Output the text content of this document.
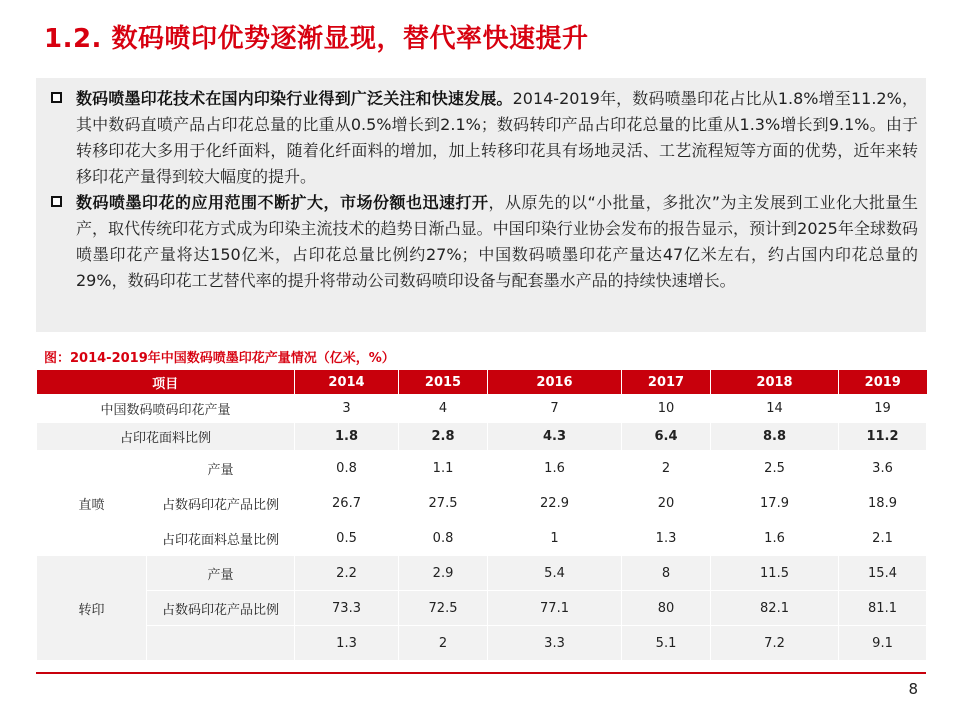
1.2. 数码喷印优势逐渐显现，替代率快速提升
数码喷墨印花技术在国内印染行业得到广泛关注和快速发展。2014-2019年，数码喷墨印花占比从1.8%增至11.2%，其中数码直喷产品占印花总量的比重从0.5%增长到2.1%；数码转印产品占印花总量的比重从1.3%增长到9.1%。由于转移印花大多用于化纤面料，随着化纤面料的增加，加上转移印花具有场地灵活、工艺流程短等方面的优势，近年来转移印花产量得到较大幅度的提升。
数码喷墨印花的应用范围不断扩大，市场份额也迅速打开，从原先的以“小批量，多批次”为主发展到工业化大批量生产，取代传统印花方式成为印染主流技术的趋势日渐凸显。中国印染行业协会发布的报告显示，预计到2025年全球数码喷墨印花产量将达150亿米，占印花总量比例约27%；中国数码喷墨印花产量达47亿米左右，约占国内印花总量的29%，数码印花工艺替代率的提升将带动公司数码喷印设备与配套墨水产品的持续快速增长。
图：2014-2019年中国数码喷墨印花产量情况（亿米，%）
项目		2014	2015	2016	2017	2018	2019
中国数码喷码印花产量		3	4	7	10	14	19
占印花面料比例		1.8	2.8	4.3	6.4	8.8	11.2
直喷	产量	0.8	1.1	1.6	2	2.5	3.6
	占数码印花产品比例	26.7	27.5	22.9	20	17.9	18.9
	占印花面料总量比例	0.5	0.8	1	1.3	1.6	2.1
转印	产量	2.2	2.9	5.4	8	11.5	15.4
	占数码印花产品比例	73.3	72.5	77.1	80	82.1	81.1
		1.3	2	3.3	5.1	7.2	9.1
8
